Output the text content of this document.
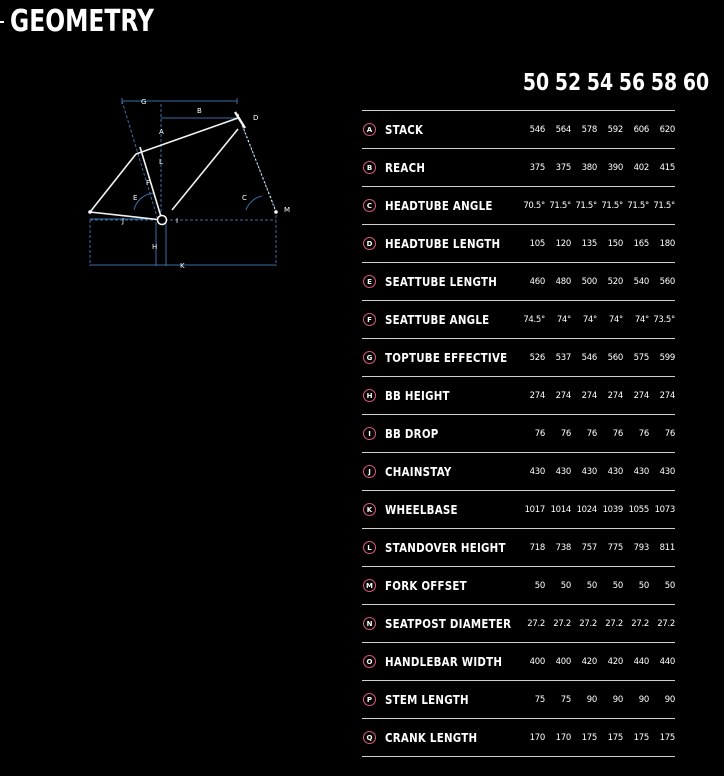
GEOMETRY
G
B
D
A
L
F
E	C
M
J	I
H
K
50 52 54 56 58 60
A	STACK	546	564	578	592	606	620
B	REACH	375	375	380	390	402	415
C	HEADTUBE ANGLE	70.5° 71.5° 71.5° 71.5° 71.5° 71.5°
D HEADTUBE LENGTH	105	120	135	150	165	180
E	SEATTUBE LENGTH	460	480	500	520	540	560
F	SEATTUBE ANGLE	74.5°	74°	74°	74°	74° 73.5°
G TOPTUBE EFFECTIVE	526	537	546	560	575	599
H BB HEIGHT	274	274	274	274	274	274
I	BB DROP	76	76	76	76	76	76
J	CHAINSTAY	430	430	430	430	430	430
K	WHEELBASE	1017 1014 1024 1039 1055 1073
L	STANDOVER HEIGHT	718	738	757	775	793	811
M FORK OFFSET	50	50	50	50	50	50
N SEATPOST DIAMETER	27.2 27.2 27.2 27.2 27.2 27.2
O HANDLEBAR WIDTH	400	400	420	420	440	440
P	STEM LENGTH	75	75	90	90	90	90
Q CRANK LENGTH	170	170	175	175	175	175
